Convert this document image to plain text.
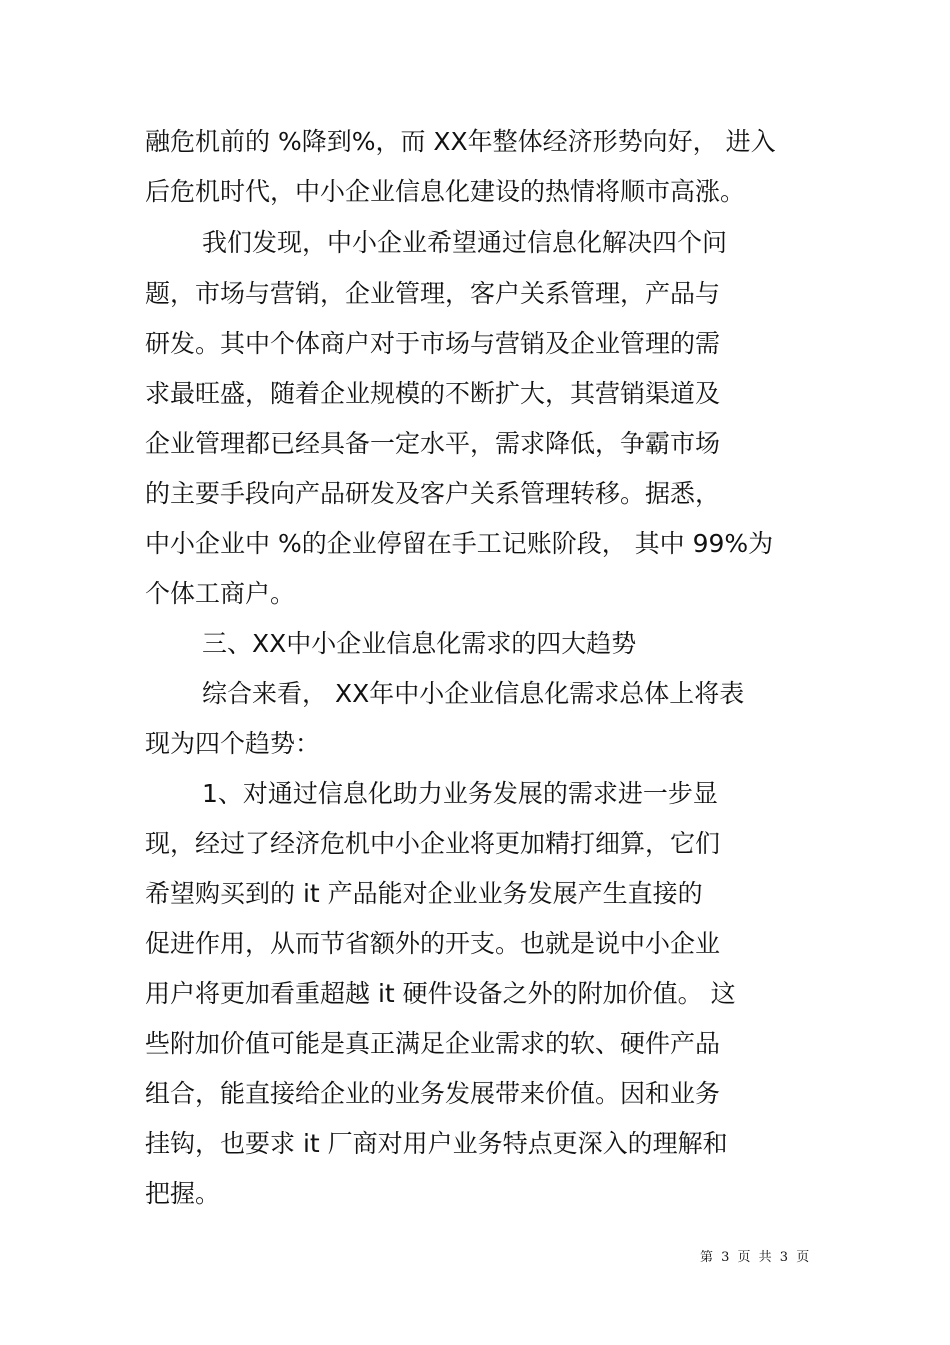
融危机前的 %降到%，而 XX年整体经济形势向好， 进入
后危机时代，中小企业信息化建设的热情将顺市高涨。
我们发现，中小企业希望通过信息化解决四个问
题，市场与营销，企业管理，客户关系管理，产品与
研发。其中个体商户对于市场与营销及企业管理的需
求最旺盛，随着企业规模的不断扩大，其营销渠道及
企业管理都已经具备一定水平，需求降低，争霸市场
的主要手段向产品研发及客户关系管理转移。据悉，
中小企业中 %的企业停留在手工记账阶段， 其中 99%为
个体工商户。
三、XX中小企业信息化需求的四大趋势
综合来看， XX年中小企业信息化需求总体上将表
现为四个趋势：
1、对通过信息化助力业务发展的需求进一步显
现，经过了经济危机中小企业将更加精打细算，它们
希望购买到的 it 产品能对企业业务发展产生直接的
促进作用，从而节省额外的开支。也就是说中小企业
用户将更加看重超越 it 硬件设备之外的附加价值。 这
些附加价值可能是真正满足企业需求的软、硬件产品
组合，能直接给企业的业务发展带来价值。因和业务
挂钩，也要求 it 厂商对用户业务特点更深入的理解和
把握。
第 3 页 共 3 页
